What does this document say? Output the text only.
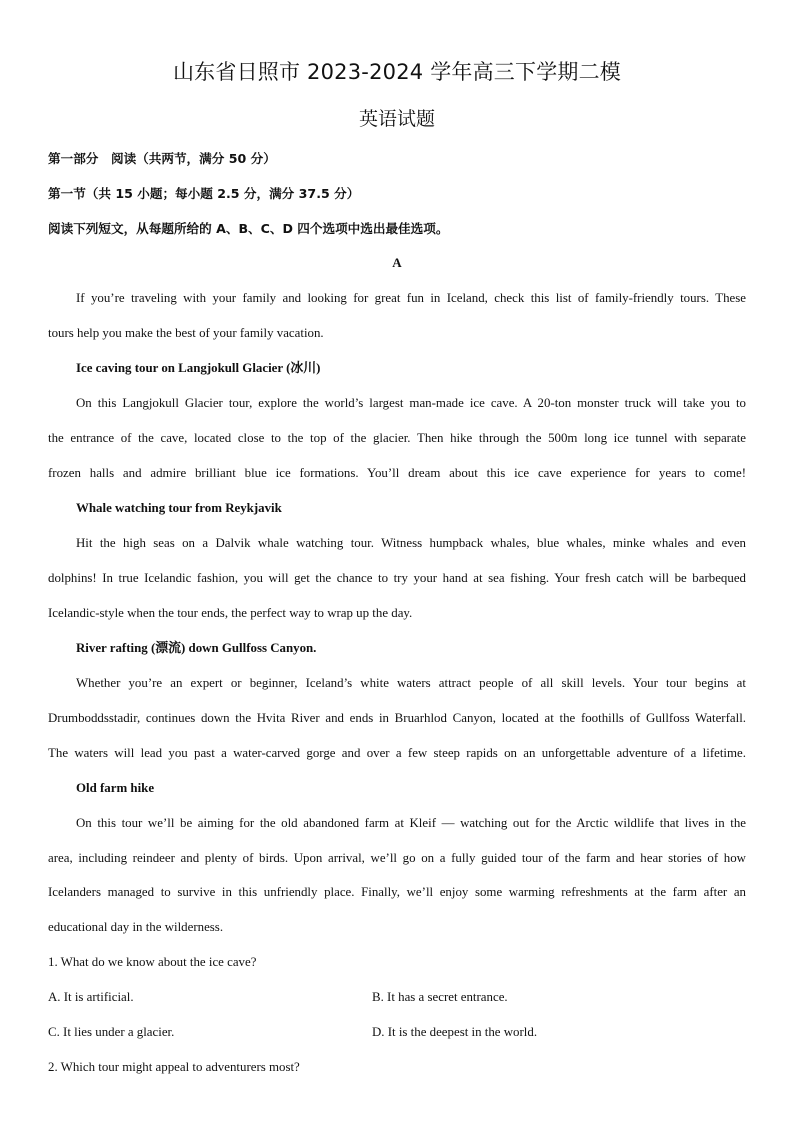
山东省日照市 2023-2024 学年高三下学期二模
英语试题
第一部分　阅读（共两节，满分 50 分）
第一节（共 15 小题；每小题 2.5 分，满分 37.5 分）
阅读下列短文，从每题所给的 A、B、C、D 四个选项中选出最佳选项。
A
If you’re traveling with your family and looking for great fun in Iceland, check this list of family-friendly tours. These
tours help you make the best of your family vacation.
Ice caving tour on Langjokull Glacier (冰川)
On this Langjokull Glacier tour, explore the world’s largest man-made ice cave. A 20-ton monster truck will take you to
the entrance of the cave, located close to the top of the glacier. Then hike through the 500m long ice tunnel with separate
frozen halls and admire brilliant blue ice formations. You’ll dream about this ice cave experience for years to come!
Whale watching tour from Reykjavik
Hit the high seas on a Dalvik whale watching tour. Witness humpback whales, blue whales, minke whales and even
dolphins! In true Icelandic fashion, you will get the chance to try your hand at sea fishing. Your fresh catch will be barbequed
Icelandic-style when the tour ends, the perfect way to wrap up the day.
River rafting (漂流) down Gullfoss Canyon.
Whether you’re an expert or beginner, Iceland’s white waters attract people of all skill levels. Your tour begins at
Drumboddsstadir, continues down the Hvita River and ends in Bruarhlod Canyon, located at the foothills of Gullfoss Waterfall.
The waters will lead you past a water-carved gorge and over a few steep rapids on an unforgettable adventure of a lifetime.
Old farm hike
On this tour we’ll be aiming for the old abandoned farm at Kleif — watching out for the Arctic wildlife that lives in the
area, including reindeer and plenty of birds. Upon arrival, we’ll go on a fully guided tour of the farm and hear stories of how
Icelanders managed to survive in this unfriendly place. Finally, we’ll enjoy some warming refreshments at the farm after an
educational day in the wilderness.
1. What do we know about the ice cave?
A. It is artificial.	B. It has a secret entrance.
C. It lies under a glacier.	D. It is the deepest in the world.
2. Which tour might appeal to adventurers most?
